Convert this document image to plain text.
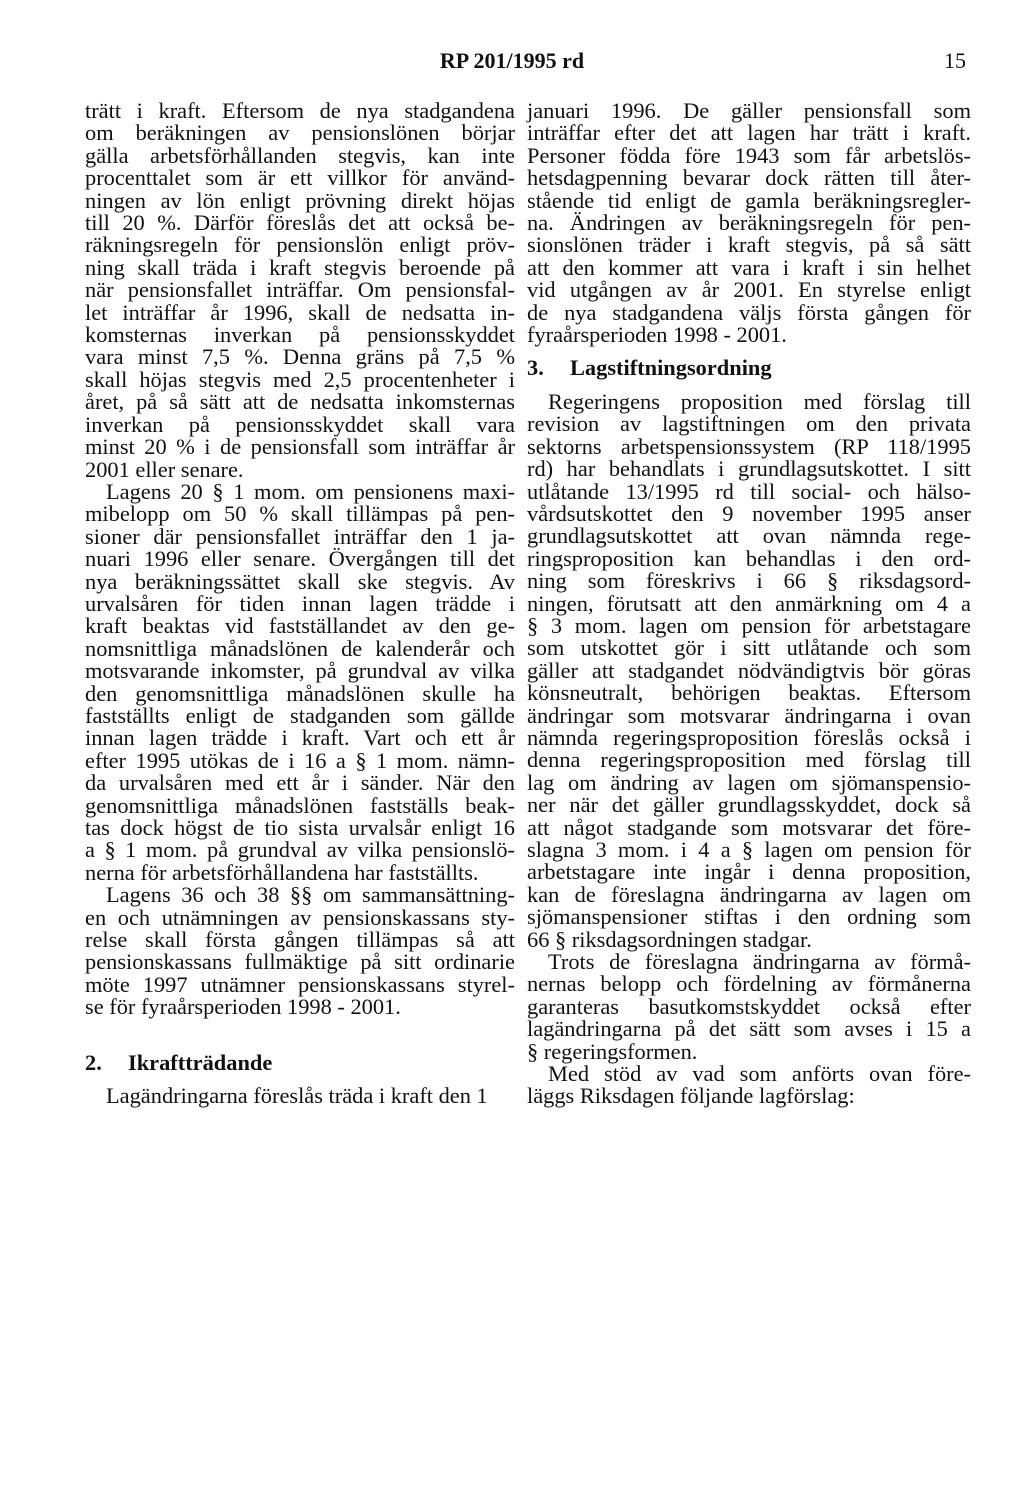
RP 201/1995 rd	15
trätt i kraft. Eftersom de nya stadgandena
om beräkningen av pensionslönen börjar
gälla arbetsförhållanden stegvis, kan inte
procenttalet som är ett villkor för använd-
ningen av lön enligt prövning direkt höjas
till 20 %. Därför föreslås det att också be-
räkningsregeln för pensionslön enligt pröv-
ning skall träda i kraft stegvis beroende på
när pensionsfallet inträffar. Om pensionsfal-
let inträffar år 1996, skall de nedsatta in-
komsternas inverkan på pensionsskyddet
vara minst 7,5 %. Denna gräns på 7,5 %
skall höjas stegvis med 2,5 procentenheter i
året, på så sätt att de nedsatta inkomsternas
inverkan på pensionsskyddet skall vara
minst 20 % i de pensionsfall som inträffar år
2001 eller senare.
Lagens 20 § 1 mom. om pensionens maxi-
mibelopp om 50 % skall tillämpas på pen-
sioner där pensionsfallet inträffar den 1 ja-
nuari 1996 eller senare. Övergången till det
nya beräkningssättet skall ske stegvis. Av
urvalsåren för tiden innan lagen trädde i
kraft beaktas vid fastställandet av den ge-
nomsnittliga månadslönen de kalenderår och
motsvarande inkomster, på grundval av vilka
den genomsnittliga månadslönen skulle ha
fastställts enligt de stadganden som gällde
innan lagen trädde i kraft. Vart och ett år
efter 1995 utökas de i 16 a § 1 mom. nämn-
da urvalsåren med ett år i sänder. När den
genomsnittliga månadslönen fastställs beak-
tas dock högst de tio sista urvalsår enligt 16
a § 1 mom. på grundval av vilka pensionslö-
nerna för arbetsförhållandena har fastställts.
Lagens 36 och 38 §§ om sammansättning-
en och utnämningen av pensionskassans sty-
relse skall första gången tillämpas så att
pensionskassans fullmäktige på sitt ordinarie
möte 1997 utnämner pensionskassans styrel-
se för fyraårsperioden 1998 - 2001.
2.	Ikraftträdande
Lagändringarna föreslås träda i kraft den 1
januari 1996. De gäller pensionsfall som
inträffar efter det att lagen har trätt i kraft.
Personer födda före 1943 som får arbetslös-
hetsdagpenning bevarar dock rätten till åter-
stående tid enligt de gamla beräkningsregler-
na. Ändringen av beräkningsregeln för pen-
sionslönen träder i kraft stegvis, på så sätt
att den kommer att vara i kraft i sin helhet
vid utgången av år 2001. En styrelse enligt
de nya stadgandena väljs första gången för
fyraårsperioden 1998 - 2001.
3.	Lagstiftningsordning
Regeringens proposition med förslag till
revision av lagstiftningen om den privata
sektorns arbetspensionssystem (RP 118/1995
rd) har behandlats i grundlagsutskottet. I sitt
utlåtande 13/1995 rd till social- och hälso-
vårdsutskottet den 9 november 1995 anser
grundlagsutskottet att ovan nämnda rege-
ringsproposition kan behandlas i den ord-
ning som föreskrivs i 66 § riksdagsord-
ningen, förutsatt att den anmärkning om 4 a
§ 3 mom. lagen om pension för arbetstagare
som utskottet gör i sitt utlåtande och som
gäller att stadgandet nödvändigtvis bör göras
könsneutralt, behörigen beaktas. Eftersom
ändringar som motsvarar ändringarna i ovan
nämnda regeringsproposition föreslås också i
denna regeringsproposition med förslag till
lag om ändring av lagen om sjömanspensio-
ner när det gäller grundlagsskyddet, dock så
att något stadgande som motsvarar det före-
slagna 3 mom. i 4 a § lagen om pension för
arbetstagare inte ingår i denna proposition,
kan de föreslagna ändringarna av lagen om
sjömanspensioner stiftas i den ordning som
66 § riksdagsordningen stadgar.
Trots de föreslagna ändringarna av förmå-
nernas belopp och fördelning av förmånerna
garanteras basutkomstskyddet också efter
lagändringarna på det sätt som avses i 15 a
§ regeringsformen.
Med stöd av vad som anförts ovan före-
läggs Riksdagen följande lagförslag:
